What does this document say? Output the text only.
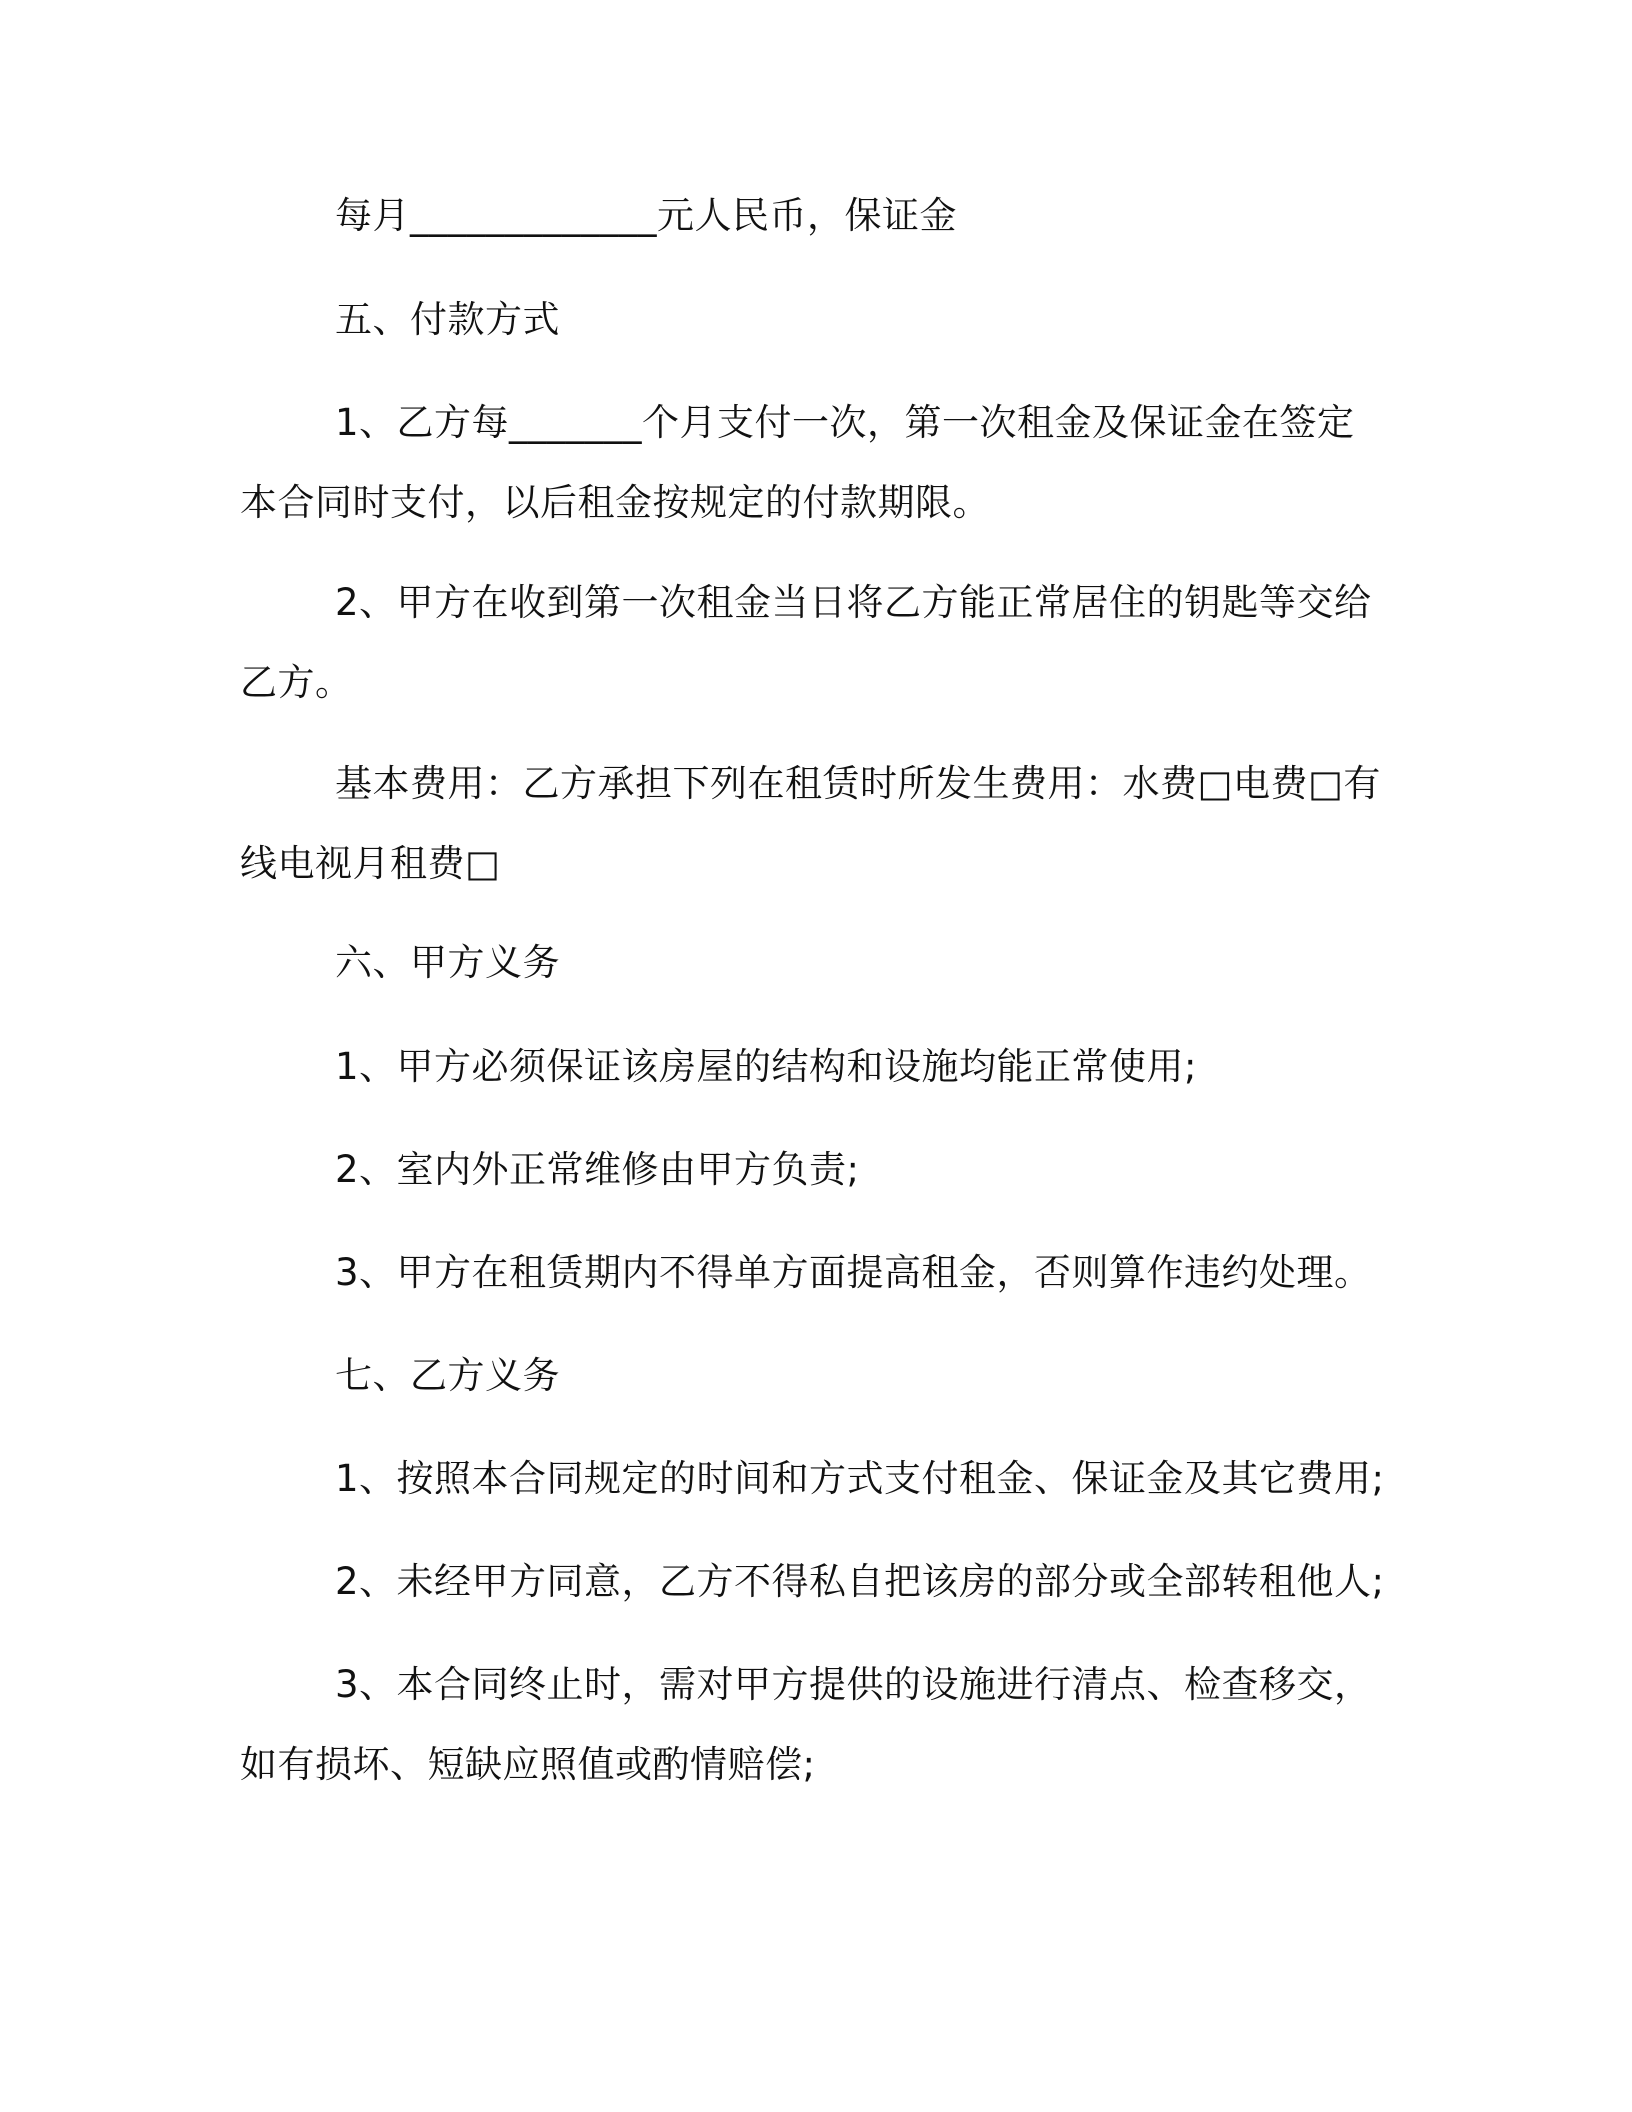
每月_____________元人民币，保证金
五、付款方式
1、乙方每_______个月支付一次，第一次租金及保证金在签定
本合同时支付，以后租金按规定的付款期限。
2、甲方在收到第一次租金当日将乙方能正常居住的钥匙等交给
乙方。
基本费用：乙方承担下列在租赁时所发生费用：水费□电费□有
线电视月租费□
六、甲方义务
1、甲方必须保证该房屋的结构和设施均能正常使用;
2、室内外正常维修由甲方负责;
3、甲方在租赁期内不得单方面提高租金，否则算作违约处理。
七、乙方义务
1、按照本合同规定的时间和方式支付租金、保证金及其它费用;
2、未经甲方同意，乙方不得私自把该房的部分或全部转租他人;
3、本合同终止时，需对甲方提供的设施进行清点、检查移交，
如有损坏、短缺应照值或酌情赔偿;
